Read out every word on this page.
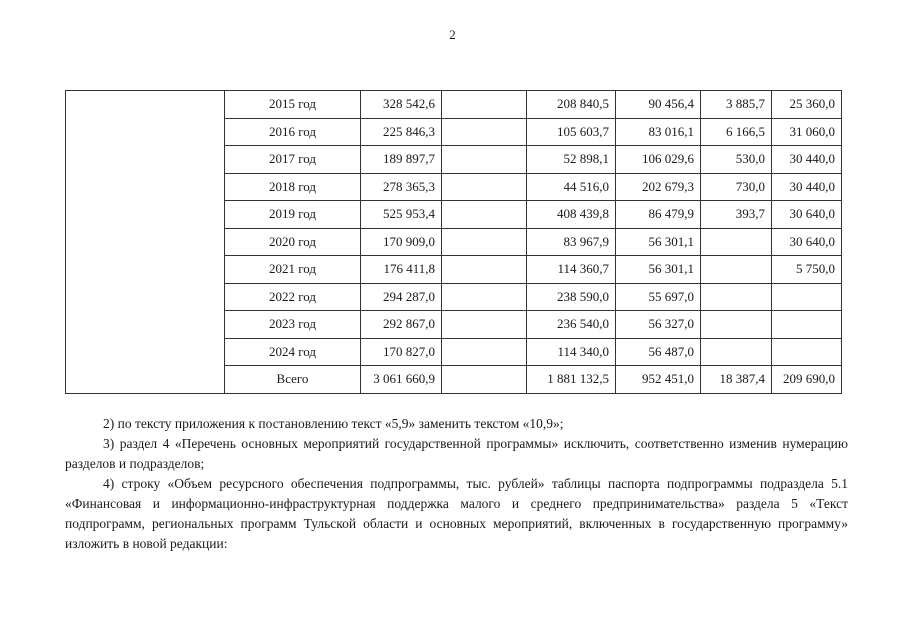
2
	2015 год	328 542,6		208 840,5	90 456,4	3 885,7	25 360,0
	2016 год	225 846,3		105 603,7	83 016,1	6 166,5	31 060,0
	2017 год	189 897,7		52 898,1	106 029,6	530,0	30 440,0
	2018 год	278 365,3		44 516,0	202 679,3	730,0	30 440,0
	2019 год	525 953,4		408 439,8	86 479,9	393,7	30 640,0
	2020 год	170 909,0		83 967,9	56 301,1		30 640,0
	2021 год	176 411,8		114 360,7	56 301,1		5 750,0
	2022 год	294 287,0		238 590,0	55 697,0		
	2023 год	292 867,0		236 540,0	56 327,0		
	2024 год	170 827,0		114 340,0	56 487,0		
	Всего	3 061 660,9		1 881 132,5	952 451,0	18 387,4	209 690,0

2) по тексту приложения к постановлению текст «5,9» заменить текстом «10,9»;

3) раздел 4 «Перечень основных мероприятий государственной программы» исключить, соответственно изменив нумерацию разделов и подразделов;

4) строку «Объем ресурсного обеспечения подпрограммы, тыс. рублей» таблицы паспорта подпрограммы подраздела 5.1 «Финансовая и информационно-инфраструктурная поддержка малого и среднего предпринимательства» раздела 5 «Текст подпрограмм, региональных программ Тульской области и основных мероприятий, включенных в государственную программу» изложить в новой редакции:
